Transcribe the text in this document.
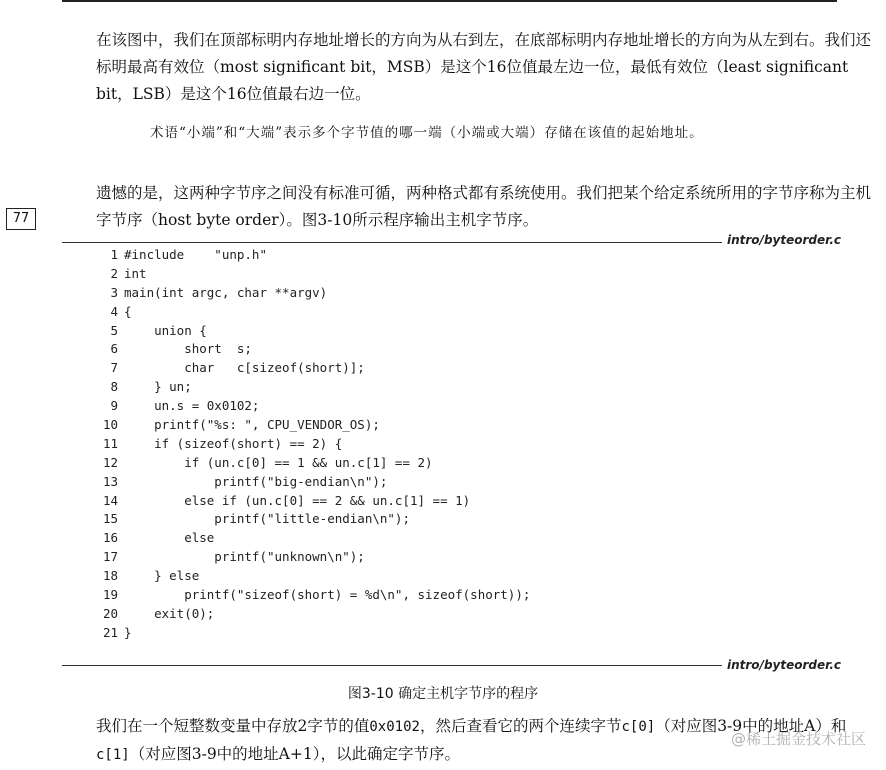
在该图中，我们在顶部标明内存地址增长的方向为从右到左，在底部标明内存地址增长的方向为从左到右。我们还标明最高有效位（most significant bit，MSB）是这个16位值最左边一位，最低有效位（least significant bit，LSB）是这个16位值最右边一位。

术语“小端”和“大端”表示多个字节值的哪一端（小端或大端）存储在该值的起始地址。

遗憾的是，这两种字节序之间没有标准可循，两种格式都有系统使用。我们把某个给定系统所用的字节序称为主机字节序（host byte order）。图3-10所示程序输出主机字节序。

77
intro/byteorder.c
1 #include    "unp.h"
2 int
3 main(int argc, char **argv)
4 {
5    union {
6        short  s;
7        char   c[sizeof(short)];
8    } un;
9    un.s = 0x0102;
10    printf("%s: ", CPU_VENDOR_OS);
11    if (sizeof(short) == 2) {
12        if (un.c[0] == 1 && un.c[1] == 2)
13            printf("big-endian\n");
14        else if (un.c[0] == 2 && un.c[1] == 1)
15            printf("little-endian\n");
16        else
17            printf("unknown\n");
18    } else
19        printf("sizeof(short) = %d\n", sizeof(short));
20    exit(0);
21 }
intro/byteorder.c
图3-10 确定主机字节序的程序

我们在一个短整数变量中存放2字节的值0x0102，然后查看它的两个连续字节c[0]（对应图3-9中的地址A）和c[1]（对应图3-9中的地址A+1），以此确定字节序。

@稀土掘金技术社区
